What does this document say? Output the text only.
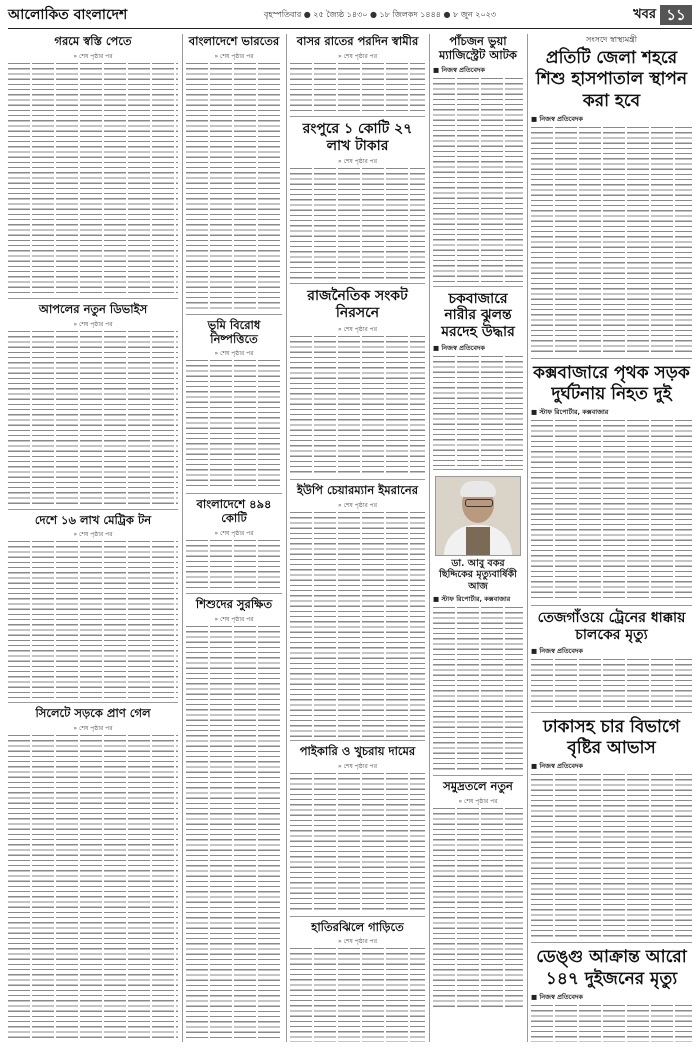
আলোকিত বাংলাদেশ	বৃহস্পতিবার ● ২৫ জ্যৈষ্ঠ ১৪৩০ ● ১৮ জিলকদ ১৪৪৪ ● ৮ জুন ২০২৩	খবর ১১
গরমে স্বস্তি পেতে
» শেষ পৃষ্ঠার পর
আপলের নতুন ডিভাইস
» শেষ পৃষ্ঠার পর
দেশে ১৬ লাখ মেট্রিক টন
» শেষ পৃষ্ঠার পর
সিলেটে সড়কে প্রাণ গেল
» শেষ পৃষ্ঠার পর
বাংলাদেশে ভারতের
» শেষ পৃষ্ঠার পর
ভূমি বিরোধ নিষ্পত্তিতে
» শেষ পৃষ্ঠার পর
বাংলাদেশে ৪৯৪ কোটি
» শেষ পৃষ্ঠার পর
শিশুদের সুরক্ষিত
» শেষ পৃষ্ঠার পর
বাসর রাতের পরদিন স্বামীর
» শেষ পৃষ্ঠার পর
রংপুরে ১ কোটি ২৭ লাখ টাকার
» শেষ পৃষ্ঠার পর
রাজনৈতিক সংকট নিরসনে
» শেষ পৃষ্ঠার পর
ইউপি চেয়ারম্যান ইমরানের
» শেষ পৃষ্ঠার পর
পাইকারি ও খুচরায় দামের
» শেষ পৃষ্ঠার পর
হাতিরঝিলে গাড়িতে
» শেষ পৃষ্ঠার পর
পাঁচজন ভুয়া ম্যাজিস্ট্রেট আটক
■ নিজস্ব প্রতিবেদক
চকবাজারে নারীর ঝুলন্ত মরদেহ উদ্ধার
■ নিজস্ব প্রতিবেদক
ডা. আবু বকর ছিদ্দিকের মৃত্যুবার্ষিকী আজ
■ স্টাফ রিপোর্টার, কক্সবাজার
সমুদ্রতলে নতুন
» শেষ পৃষ্ঠার পর
সংসদে স্বাস্থ্যমন্ত্রী
প্রতিটি জেলা শহরে শিশু হাসপাতাল স্থাপন করা হবে
■ নিজস্ব প্রতিবেদক
কক্সবাজারে পৃথক সড়ক দুর্ঘটনায় নিহত দুই
■ স্টাফ রিপোর্টার, কক্সবাজার
তেজগাঁওয়ে ট্রেনের ধাক্কায় চালকের মৃত্যু
■ নিজস্ব প্রতিবেদক
ঢাকাসহ চার বিভাগে বৃষ্টির আভাস
■ নিজস্ব প্রতিবেদক
ডেঙ্গু আক্রান্ত আরো ১৪৭ দুইজনের মৃত্যু
■ নিজস্ব প্রতিবেদক
